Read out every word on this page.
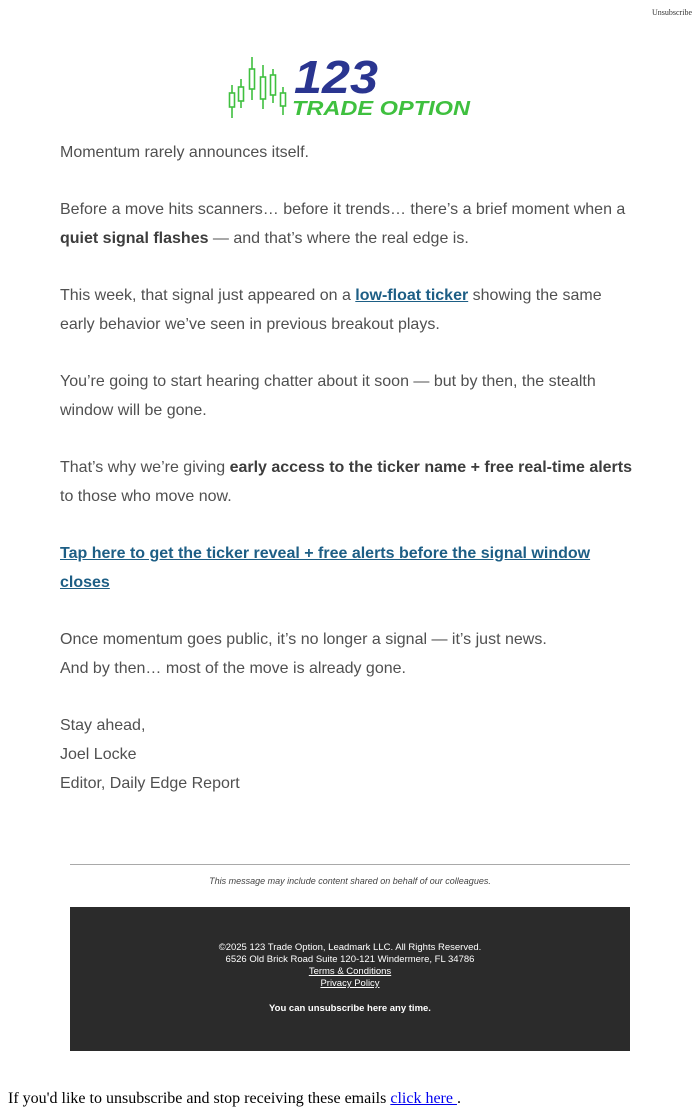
Unsubscribe
123
TRADE OPTION

Momentum rarely announces itself.

Before a move hits scanners… before it trends… there’s a brief moment when a quiet signal flashes — and that’s where the real edge is.

This week, that signal just appeared on a low-float ticker showing the same early behavior we’ve seen in previous breakout plays.

You’re going to start hearing chatter about it soon — but by then, the stealth window will be gone.

That’s why we’re giving early access to the ticker name + free real-time alerts to those who move now.

Tap here to get the ticker reveal + free alerts before the signal window closes

Once momentum goes public, it’s no longer a signal — it’s just news.
And by then… most of the move is already gone.

Stay ahead,
Joel Locke
Editor, Daily Edge Report

This message may include content shared on behalf of our colleagues.
©2025 123 Trade Option, Leadmark LLC. All Rights Reserved.
6526 Old Brick Road Suite 120-121 Windermere, FL 34786
Terms & Conditions
Privacy Policy
You can unsubscribe here any time.
If you'd like to unsubscribe and stop receiving these emails click here .
